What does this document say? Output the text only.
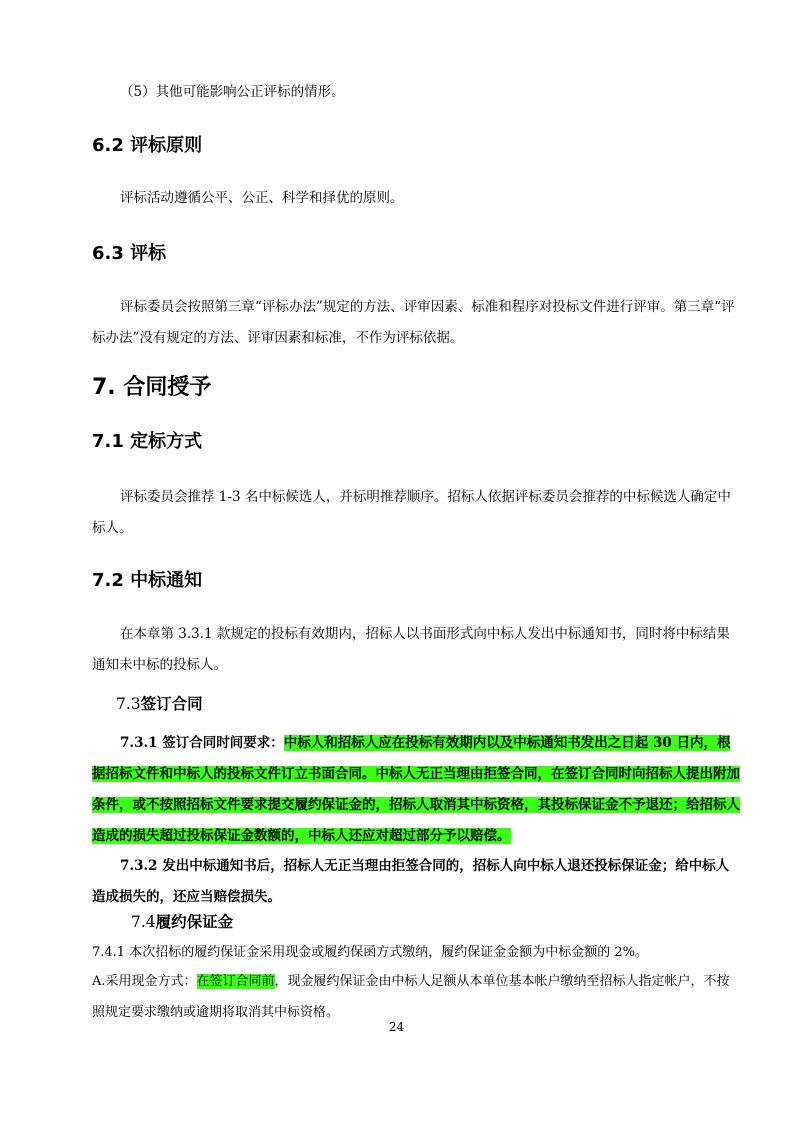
（5）其他可能影响公正评标的情形。

6.2 评标原则

评标活动遵循公平、公正、科学和择优的原则。

6.3 评标

评标委员会按照第三章“评标办法”规定的方法、评审因素、标准和程序对投标文件进行评审。第三章“评标办法”没有规定的方法、评审因素和标准，不作为评标依据。

7. 合同授予
7.1 定标方式

评标委员会推荐 1-3 名中标候选人，并标明推荐顺序。招标人依据评标委员会推荐的中标候选人确定中标人。

7.2 中标通知

在本章第 3.3.1 款规定的投标有效期内，招标人以书面形式向中标人发出中标通知书，同时将中标结果通知未中标的投标人。

7.3签订合同

7.3.1 签订合同时间要求：中标人和招标人应在投标有效期内以及中标通知书发出之日起 30 日内，根据招标文件和中标人的投标文件订立书面合同。中标人无正当理由拒签合同，在签订合同时向招标人提出附加条件，或不按照招标文件要求提交履约保证金的，招标人取消其中标资格，其投标保证金不予退还；给招标人造成的损失超过投标保证金数额的，中标人还应对超过部分予以赔偿。

7.3.2 发出中标通知书后，招标人无正当理由拒签合同的，招标人向中标人退还投标保证金；给中标人造成损失的，还应当赔偿损失。

7.4履约保证金

7.4.1 本次招标的履约保证金采用现金或履约保函方式缴纳，履约保证金金额为中标金额的 2%。

A.采用现金方式：在签订合同前，现金履约保证金由中标人足额从本单位基本帐户缴纳至招标人指定帐户，不按照规定要求缴纳或逾期将取消其中标资格。

24
